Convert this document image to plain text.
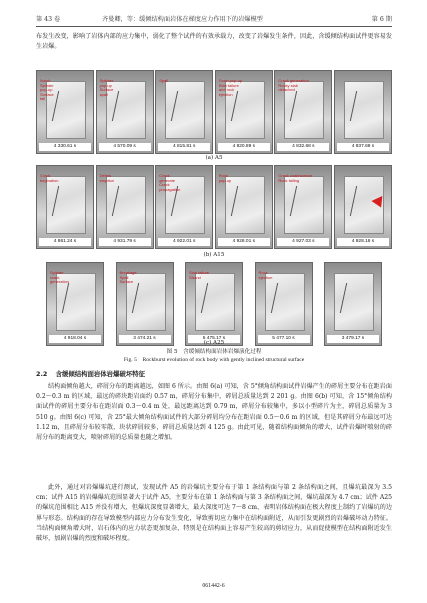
第 43 卷	齐曼卿，等：缓倾结构面岩体在梯度应力作用下的岩爆模型	第 6 期
布发生改变，影响了岩体内部的应力集中，弱化了整个试件的有效承载力，改变了岩爆发生条件，因此，含缓倾结构面试件更容易发生岩爆。
Notch
Splinter
pop-up
Surface
fall
4 330.61 s
Splinter
pop up
Surface
spall
4 570.09 s
Spall
4 815.81 s
Grain pop-up
Slab failure
and rock
ejection
4 820.89 s
Crack generation
Rocky slab
detached
4 832.68 s	4 837.68 s
(a) A5
Crack
begination
4 861.24 s
Debris
eruption
4 931.79 s
Crack
generate
Crack
propagation
4 922.01 s
Rock
pop-up
4 928.01 s
Crack coalescence
Rock falling
4 927.03 s	4 928.16 s
(b) A15
Splinter
crack
generation
4 918.04 s
Breakage
Spall
Surface
3 474.21 s
Slab failure
Strand
5 475.17 s
Rock
ejection
5 477.10 s	3 479.17 s
(c) A25
图 5　含缓倾结构面岩体岩爆演化过程
Fig. 5　Rockburst evolution of rock body with gently inclined structural surface
2.2 含缓倾结构面岩体岩爆破坏特征
结构面倾角越大，碎屑分布的距离越远，如图 6 所示。由图 6(a) 可知，含 5°倾角结构面试件岩爆产生的碎屑主要分布在距岩面 0.2～0.3 m 的区域，最远的碎块距岩面约 0.57 m，碎屑分布集中，碎屑总质量达到 2 201 g。由图 6(b) 可知，含 15°倾角结构面试件的碎屑主要分布在距岩面 0.3～0.4 m 处，最远距离达到 0.79 m，碎屑分布较集中，多以小型碎片为主，碎屑总质量为 3 510 g。由图 6(c) 可知，含 25°最大倾角结构面试件的大部分碎屑均分布在距岩面 0.5～0.6 m 的区域，但是其碎屑分布最远可达 1.12 m，且碎屑分布较零散，块状碎屑较多，碎屑总质量达到 4 125 g。由此可见，随着结构面倾角的增大，试件岩爆时喷射的碎屑分布的距离变大，喷射碎屑的总质量也随之增加。
此外，通过对岩爆爆坑进行测试，发现试件 A5 的岩爆坑主要分布于第 1 条结构面与第 2 条结构面之间，且爆坑最深为 3.5 cm；试件 A15 的岩爆爆坑范围显著大于试件 A5，主要分布在第 1 条结构面与第 3 条结构面之间，爆坑最深为 4.7 cm；试件 A25 的爆坑范围相比 A15 并没有增大，但爆坑深度显著增大，最大深度可达 7～8 cm，表明岩体结构面在极大程度上制约了岩爆坑的边界与形态。结构面的存在导致模型内部应力分布发生变化，导致剪切应力集中在结构面附近，从而引发更剧烈的岩爆破坏动力特征。当结构面倾角增大时，岩石体内的应力状态更加复杂，特别是在结构面上容易产生较高的剪切应力，从而促使模型在结构面附近发生破坏，加剧岩爆的烈度和破坏程度。
061442-6
